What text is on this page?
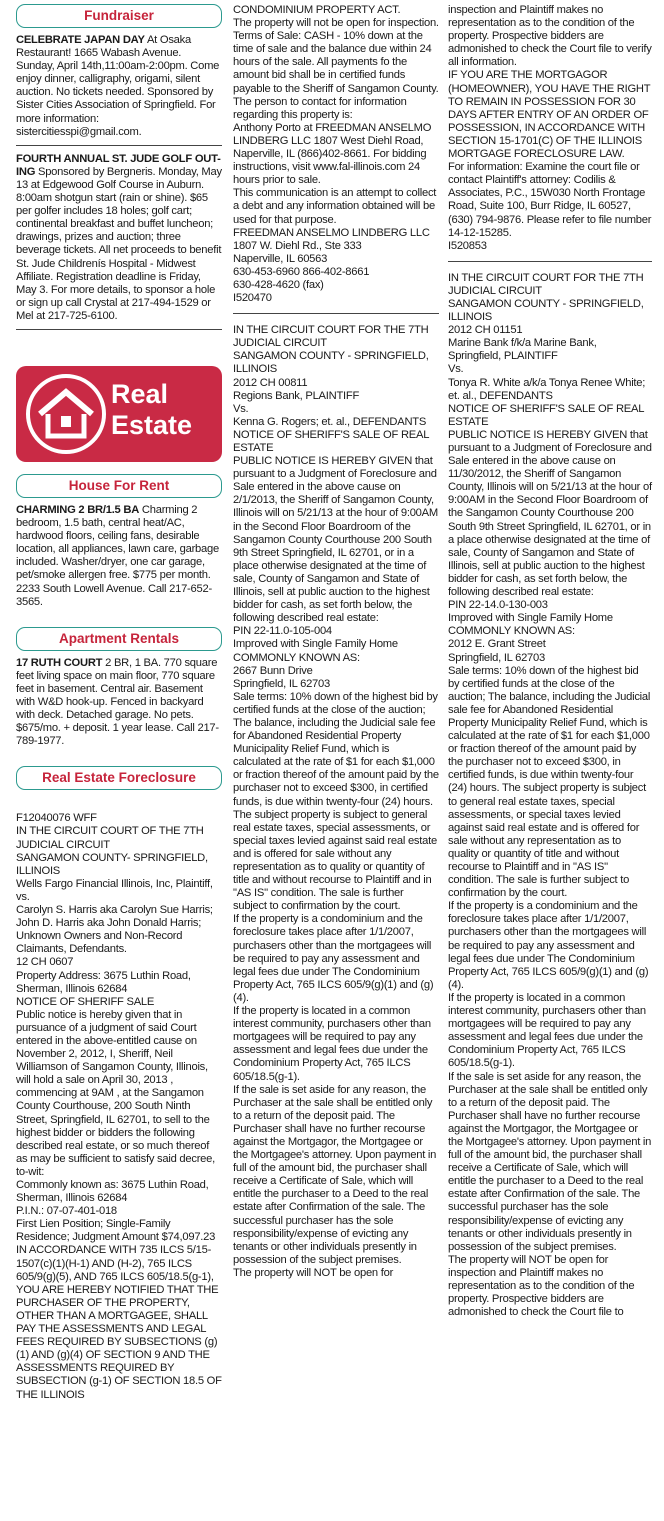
Fundraiser

CELEBRATE JAPAN DAY At Osaka Restaurant! 1665 Wabash Avenue. Sunday, April 14th,11:00am-2:00pm. Come enjoy dinner, calligraphy, origami, silent auction. No tickets needed. Sponsored by Sister Cities Association of Springfield. For more information: sistercitiesspi@gmail.com.

FOURTH ANNUAL ST. JUDE GOLF OUT-ING Sponsored by Bergneris. Monday, May 13 at Edgewood Golf Course in Auburn. 8:00am shotgun start (rain or shine). $65 per golfer includes 18 holes; golf cart; continental breakfast and buffet luncheon; drawings, prizes and auction; three beverage tickets. All net proceeds to benefit St. Jude Childrenís Hospital - Midwest Affiliate. Registration deadline is Friday, May 3. For more details, to sponsor a hole or sign up call Crystal at 217-494-1529 or Mel at 217-725-6100.

Real
Estate
House For Rent

CHARMING 2 BR/1.5 BA Charming 2 bedroom, 1.5 bath, central heat/AC, hardwood floors, ceiling fans, desirable location, all appliances, lawn care, garbage included. Washer/dryer, one car garage, pet/smoke allergen free. $775 per month. 2233 South Lowell Avenue. Call 217-652-3565.

Apartment Rentals

17 RUTH COURT 2 BR, 1 BA. 770 square feet living space on main floor, 770 square feet in basement. Central air. Basement with W&D hook-up. Fenced in backyard with deck. Detached garage. No pets. $675/mo. + deposit. 1 year lease. Call 217-789-1977.

Real Estate Foreclosure
F12040076 WFF
IN THE CIRCUIT COURT OF THE 7TH JUDICIAL CIRCUIT
SANGAMON COUNTY- SPRINGFIELD, ILLINOIS
Wells Fargo Financial Illinois, Inc, Plaintiff,
vs.
Carolyn S. Harris aka Carolyn Sue Harris; John D. Harris aka John Donald Harris; Unknown Owners and Non-Record Claimants, Defendants.
12 CH 0607
Property Address: 3675 Luthin Road, Sherman, Illinois 62684
NOTICE OF SHERIFF SALE
Public notice is hereby given that in pursuance of a judgment of said Court entered in the above-entitled cause on November 2, 2012, I, Sheriff, Neil Williamson of Sangamon County, Illinois, will hold a sale on April 30, 2013 , commencing at 9AM , at the Sangamon County Courthouse, 200 South Ninth Street, Springfield, IL 62701, to sell to the highest bidder or bidders the following described real estate, or so much thereof as may be sufficient to satisfy said decree, to-wit:
Commonly known as: 3675 Luthin Road, Sherman, Illinois 62684
P.I.N.: 07-07-401-018
First Lien Position; Single-Family Residence; Judgment Amount $74,097.23
IN ACCORDANCE WITH 735 ILCS 5/15-1507(c)(1)(H-1) AND (H-2), 765 ILCS 605/9(g)(5), AND 765 ILCS 605/18.5(g-1), YOU ARE HEREBY NOTIFIED THAT THE PURCHASER OF THE PROPERTY, OTHER THAN A MORTGAGEE, SHALL PAY THE ASSESSMENTS AND LEGAL FEES REQUIRED BY SUBSECTIONS (g)(1) AND (g)(4) OF SECTION 9 AND THE ASSESSMENTS REQUIRED BY SUBSECTION (g-1) OF SECTION 18.5 OF THE ILLINOIS
CONDOMINIUM PROPERTY ACT.
The property will not be open for inspection.
Terms of Sale: CASH - 10% down at the time of sale and the balance due within 24 hours of the sale. All payments fo the amount bid shall be in certified funds payable to the Sheriff of Sangamon County.
The person to contact for information regarding this property is:
Anthony Porto at FREEDMAN ANSELMO LINDBERG LLC 1807 West Diehl Road, Naperville, IL (866)402-8661. For bidding instructions, visit www.fal-illinois.com 24 hours prior to sale.
This communication is an attempt to collect a debt and any information obtained will be used for that purpose.
FREEDMAN ANSELMO LINDBERG LLC
1807 W. Diehl Rd., Ste 333
Naperville, IL 60563
630-453-6960 866-402-8661
630-428-4620 (fax)
I520470
IN THE CIRCUIT COURT FOR THE 7TH JUDICIAL CIRCUIT
SANGAMON COUNTY - SPRINGFIELD, ILLINOIS
2012 CH 00811
Regions Bank, PLAINTIFF
Vs.
Kenna G. Rogers; et. al., DEFENDANTS
NOTICE OF SHERIFF'S SALE OF REAL ESTATE
PUBLIC NOTICE IS HEREBY GIVEN that pursuant to a Judgment of Foreclosure and Sale entered in the above cause on 2/1/2013, the Sheriff of Sangamon County, Illinois will on 5/21/13 at the hour of 9:00AM in the Second Floor Boardroom of the Sangamon County Courthouse 200 South 9th Street Springfield, IL 62701, or in a place otherwise designated at the time of sale, County of Sangamon and State of Illinois, sell at public auction to the highest bidder for cash, as set forth below, the following described real estate:
PIN 22-11.0-105-004
Improved with Single Family Home
COMMONLY KNOWN AS:
2667 Bunn Drive
Springfield, IL 62703
Sale terms: 10% down of the highest bid by certified funds at the close of the auction; The balance, including the Judicial sale fee for Abandoned Residential Property Municipality Relief Fund, which is calculated at the rate of $1 for each $1,000 or fraction thereof of the amount paid by the purchaser not to exceed $300, in certified funds, is due within twenty-four (24) hours. The subject property is subject to general real estate taxes, special assessments, or special taxes levied against said real estate and is offered for sale without any representation as to quality or quantity of title and without recourse to Plaintiff and in "AS IS" condition. The sale is further subject to confirmation by the court.
If the property is a condominium and the foreclosure takes place after 1/1/2007, purchasers other than the mortgagees will be required to pay any assessment and legal fees due under The Condominium Property Act, 765 ILCS 605/9(g)(1) and (g)(4).
If the property is located in a common interest community, purchasers other than mortgagees will be required to pay any assessment and legal fees due under the Condominium Property Act, 765 ILCS 605/18.5(g-1).
If the sale is set aside for any reason, the Purchaser at the sale shall be entitled only to a return of the deposit paid. The Purchaser shall have no further recourse against the Mortgagor, the Mortgagee or the Mortgagee's attorney. Upon payment in full of the amount bid, the purchaser shall receive a Certificate of Sale, which will entitle the purchaser to a Deed to the real estate after Confirmation of the sale. The successful purchaser has the sole responsibility/expense of evicting any tenants or other individuals presently in possession of the subject premises.
The property will NOT be open for
inspection and Plaintiff makes no representation as to the condition of the property. Prospective bidders are admonished to check the Court file to verify all information.
IF YOU ARE THE MORTGAGOR (HOMEOWNER), YOU HAVE THE RIGHT TO REMAIN IN POSSESSION FOR 30 DAYS AFTER ENTRY OF AN ORDER OF POSSESSION, IN ACCORDANCE WITH SECTION 15-1701(C) OF THE ILLINOIS MORTGAGE FORECLOSURE LAW.
For information: Examine the court file or contact Plaintiff's attorney: Codilis & Associates, P.C., 15W030 North Frontage Road, Suite 100, Burr Ridge, IL 60527, (630) 794-9876. Please refer to file number 14-12-15285.
I520853
IN THE CIRCUIT COURT FOR THE 7TH JUDICIAL CIRCUIT
SANGAMON COUNTY - SPRINGFIELD, ILLINOIS
2012 CH 01151
Marine Bank f/k/a Marine Bank, Springfield, PLAINTIFF
Vs.
Tonya R. White a/k/a Tonya Renee White; et. al., DEFENDANTS
NOTICE OF SHERIFF'S SALE OF REAL ESTATE
PUBLIC NOTICE IS HEREBY GIVEN that pursuant to a Judgment of Foreclosure and Sale entered in the above cause on 11/30/2012, the Sheriff of Sangamon County, Illinois will on 5/21/13 at the hour of 9:00AM in the Second Floor Boardroom of the Sangamon County Courthouse 200 South 9th Street Springfield, IL 62701, or in a place otherwise designated at the time of sale, County of Sangamon and State of Illinois, sell at public auction to the highest bidder for cash, as set forth below, the following described real estate:
PIN 22-14.0-130-003
Improved with Single Family Home
COMMONLY KNOWN AS:
2012 E. Grant Street
Springfield, IL 62703
Sale terms: 10% down of the highest bid by certified funds at the close of the auction; The balance, including the Judicial sale fee for Abandoned Residential Property Municipality Relief Fund, which is calculated at the rate of $1 for each $1,000 or fraction thereof of the amount paid by the purchaser not to exceed $300, in certified funds, is due within twenty-four (24) hours. The subject property is subject to general real estate taxes, special assessments, or special taxes levied against said real estate and is offered for sale without any representation as to quality or quantity of title and without recourse to Plaintiff and in "AS IS" condition. The sale is further subject to confirmation by the court.
If the property is a condominium and the foreclosure takes place after 1/1/2007, purchasers other than the mortgagees will be required to pay any assessment and legal fees due under The Condominium Property Act, 765 ILCS 605/9(g)(1) and (g)(4).
If the property is located in a common interest community, purchasers other than mortgagees will be required to pay any assessment and legal fees due under the Condominium Property Act, 765 ILCS 605/18.5(g-1).
If the sale is set aside for any reason, the Purchaser at the sale shall be entitled only to a return of the deposit paid. The Purchaser shall have no further recourse against the Mortgagor, the Mortgagee or the Mortgagee's attorney. Upon payment in full of the amount bid, the purchaser shall receive a Certificate of Sale, which will entitle the purchaser to a Deed to the real estate after Confirmation of the sale. The successful purchaser has the sole responsibility/expense of evicting any tenants or other individuals presently in possession of the subject premises.
The property will NOT be open for inspection and Plaintiff makes no representation as to the condition of the property. Prospective bidders are admonished to check the Court file to
